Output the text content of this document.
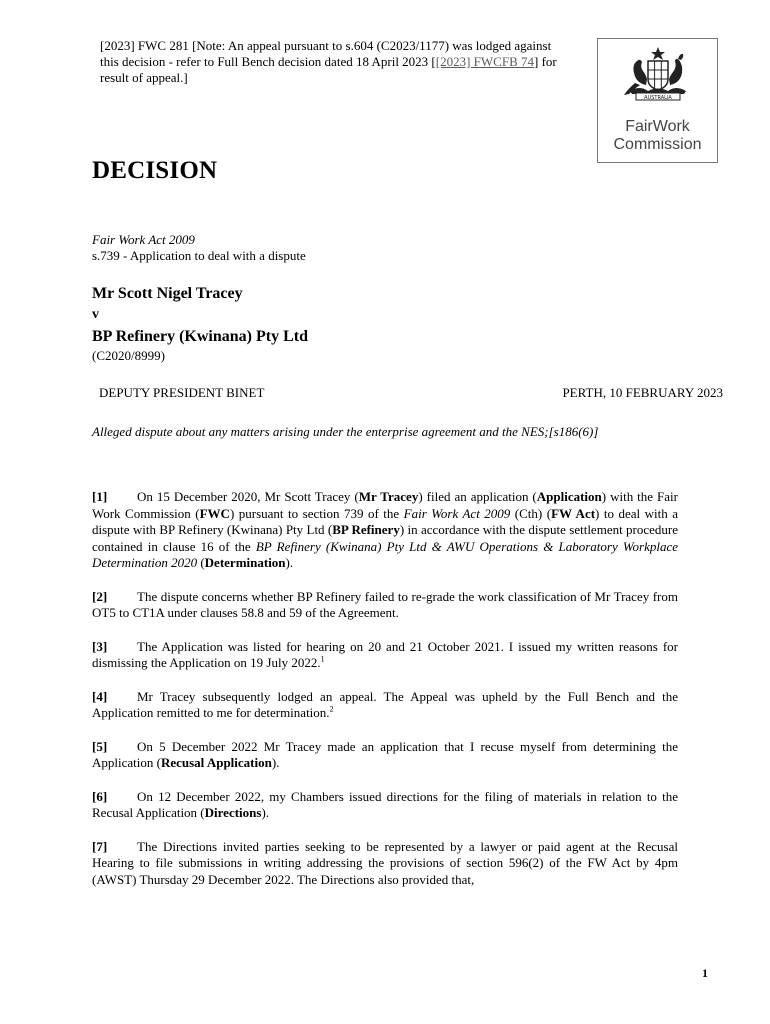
[2023] FWC 281 [Note: An appeal pursuant to s.604 (C2023/1177) was lodged against this decision - refer to Full Bench decision dated 18 April 2023 [[2023] FWCFB 74] for result of appeal.]
AUSTRALIA
FairWork
Commission
DECISION
Fair Work Act 2009
s.739 - Application to deal with a dispute
Mr Scott Nigel Tracey
v
BP Refinery (Kwinana) Pty Ltd
(C2020/8999)
DEPUTY PRESIDENT BINET	PERTH, 10 FEBRUARY 2023
Alleged dispute about any matters arising under the enterprise agreement and the NES;[s186(6)]

[1] On 15 December 2020, Mr Scott Tracey (Mr Tracey) filed an application (Application) with the Fair Work Commission (FWC) pursuant to section 739 of the Fair Work Act 2009 (Cth) (FW Act) to deal with a dispute with BP Refinery (Kwinana) Pty Ltd (BP Refinery) in accordance with the dispute settlement procedure contained in clause 16 of the BP Refinery (Kwinana) Pty Ltd & AWU Operations & Laboratory Workplace Determination 2020 (Determination).

[2] The dispute concerns whether BP Refinery failed to re-grade the work classification of Mr Tracey from OT5 to CT1A under clauses 58.8 and 59 of the Agreement.

[3] The Application was listed for hearing on 20 and 21 October 2021. I issued my written reasons for dismissing the Application on 19 July 2022.$^1$

[4] Mr Tracey subsequently lodged an appeal. The Appeal was upheld by the Full Bench and the Application remitted to me for determination.$^2$

[5] On 5 December 2022 Mr Tracey made an application that I recuse myself from determining the Application (Recusal Application).

[6] On 12 December 2022, my Chambers issued directions for the filing of materials in relation to the Recusal Application (Directions).

[7] The Directions invited parties seeking to be represented by a lawyer or paid agent at the Recusal Hearing to file submissions in writing addressing the provisions of section 596(2) of the FW Act by 4pm (AWST) Thursday 29 December 2022. The Directions also provided that,

1
